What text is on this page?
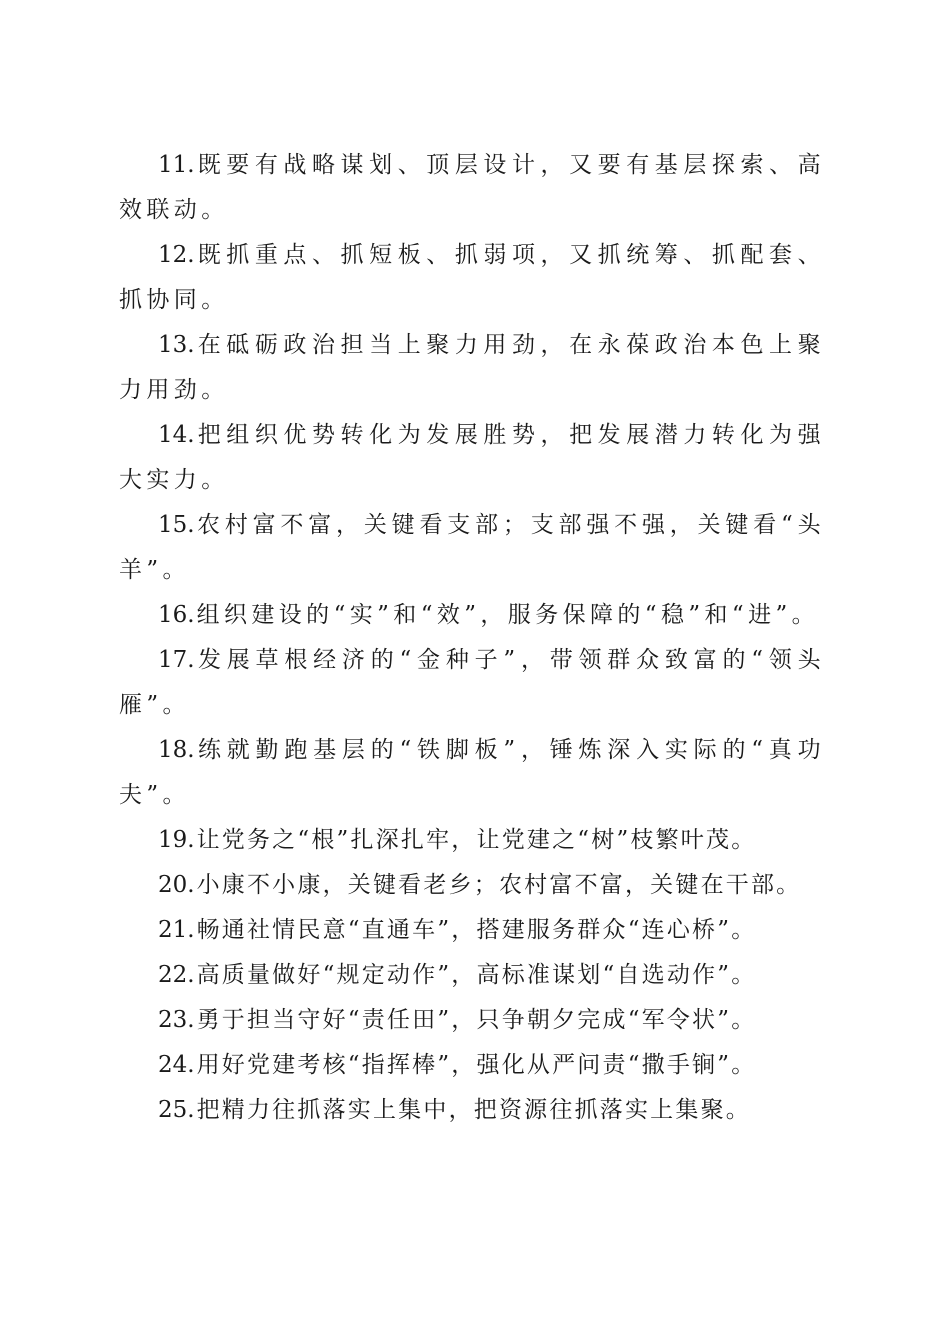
11.既要有战略谋划、顶层设计，又要有基层探索、高效联动。

12.既抓重点、抓短板、抓弱项，又抓统筹、抓配套、抓协同。

13.在砥砺政治担当上聚力用劲，在永葆政治本色上聚力用劲。

14.把组织优势转化为发展胜势，把发展潜力转化为强大实力。

15.农村富不富，关键看支部；支部强不强，关键看“头羊”。

16.组织建设的“实”和“效”，服务保障的“稳”和“进”。

17.发展草根经济的“金种子”，带领群众致富的“领头雁”。

18.练就勤跑基层的“铁脚板”，锤炼深入实际的“真功夫”。

19.让党务之“根”扎深扎牢，让党建之“树”枝繁叶茂。

20.小康不小康，关键看老乡；农村富不富，关键在干部。

21.畅通社情民意“直通车”，搭建服务群众“连心桥”。

22.高质量做好“规定动作”，高标准谋划“自选动作”。

23.勇于担当守好“责任田”，只争朝夕完成“军令状”。

24.用好党建考核“指挥棒”，强化从严问责“撒手锏”。

25.把精力往抓落实上集中，把资源往抓落实上集聚。
